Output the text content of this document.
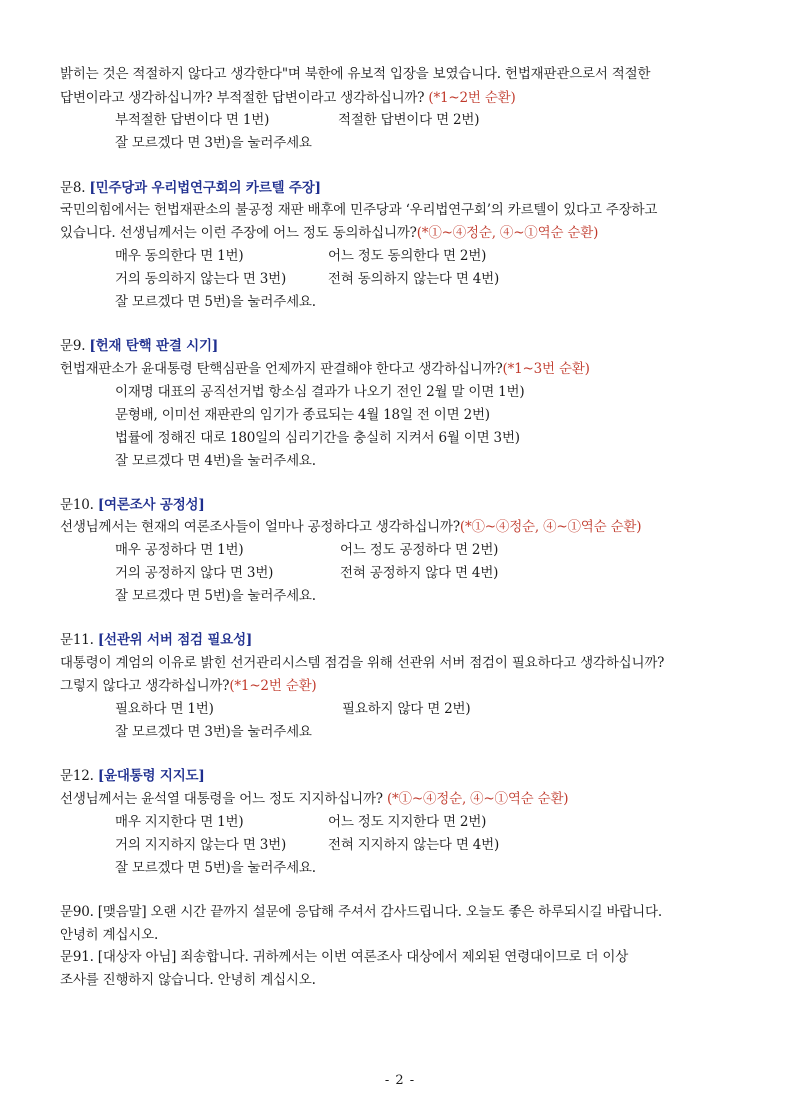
밝히는 것은 적절하지 않다고 생각한다"며 북한에 유보적 입장을 보였습니다. 헌법재판관으로서 적절한
답변이라고 생각하십니까? 부적절한 답변이라고 생각하십니까? (*1~2번 순환)
부적절한 답변이다 면 1번)	적절한 답변이다 면 2번)
잘 모르겠다 면 3번)을 눌러주세요
문8. [민주당과 우리법연구회의 카르텔 주장]
국민의힘에서는 헌법재판소의 불공정 재판 배후에 민주당과 ‘우리법연구회’의 카르텔이 있다고 주장하고
있습니다. 선생님께서는 이런 주장에 어느 정도 동의하십니까?(*①~④정순, ④~①역순 순환)
매우 동의한다 면 1번)	어느 정도 동의한다 면 2번)
거의 동의하지 않는다 면 3번)	전혀 동의하지 않는다 면 4번)
잘 모르겠다 면 5번)을 눌러주세요.
문9. [헌재 탄핵 판결 시기]
헌법재판소가 윤대통령 탄핵심판을 언제까지 판결해야 한다고 생각하십니까?(*1~3번 순환)
이재명 대표의 공직선거법 항소심 결과가 나오기 전인 2월 말 이면 1번)
문형배, 이미선 재판관의 임기가 종료되는 4월 18일 전 이면 2번)
법률에 정해진 대로 180일의 심리기간을 충실히 지켜서 6월 이면 3번)
잘 모르겠다 면 4번)을 눌러주세요.
문10. [여론조사 공정성]
선생님께서는 현재의 여론조사들이 얼마나 공정하다고 생각하십니까?(*①~④정순, ④~①역순 순환)
매우 공정하다 면 1번)	어느 정도 공정하다 면 2번)
거의 공정하지 않다 면 3번)	전혀 공정하지 않다 면 4번)
잘 모르겠다 면 5번)을 눌러주세요.
문11. [선관위 서버 점검 필요성]
대통령이 계엄의 이유로 밝힌 선거관리시스템 점검을 위해 선관위 서버 점검이 필요하다고 생각하십니까?
그렇지 않다고 생각하십니까?(*1~2번 순환)
필요하다 면 1번)	필요하지 않다 면 2번)
잘 모르겠다 면 3번)을 눌러주세요
문12. [윤대통령 지지도]
선생님께서는 윤석열 대통령을 어느 정도 지지하십니까? (*①~④정순, ④~①역순 순환)
매우 지지한다 면 1번)	어느 정도 지지한다 면 2번)
거의 지지하지 않는다 면 3번)	전혀 지지하지 않는다 면 4번)
잘 모르겠다 면 5번)을 눌러주세요.
문90. [맺음말] 오랜 시간 끝까지 설문에 응답해 주셔서 감사드립니다. 오늘도 좋은 하루되시길 바랍니다.
안녕히 계십시오.
문91. [대상자 아님] 죄송합니다. 귀하께서는 이번 여론조사 대상에서 제외된 연령대이므로 더 이상
조사를 진행하지 않습니다. 안녕히 계십시오.
- 2 -
